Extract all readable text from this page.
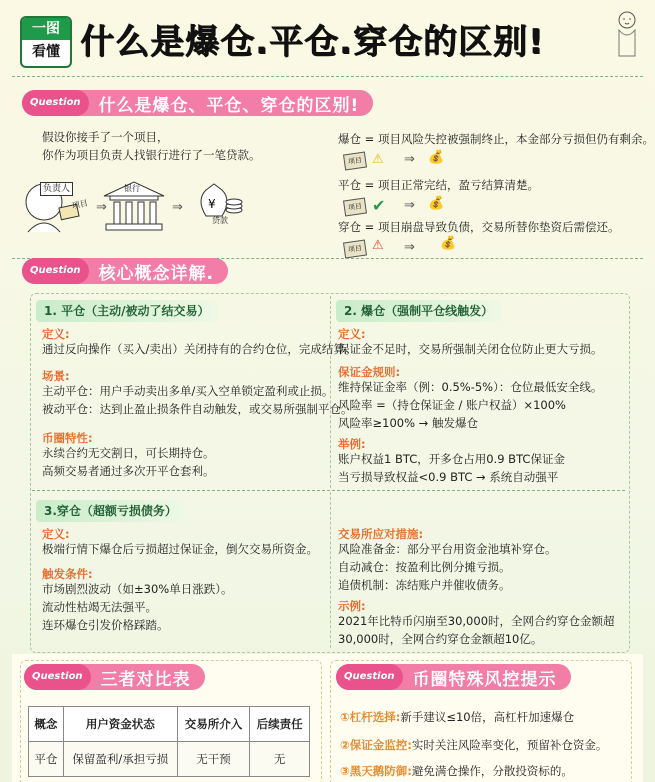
一图
看懂 什么是爆仓.平仓.穿仓的区别!
Question	什么是爆仓、平仓、穿仓的区别!
假设你接手了一个项目，
你作为项目负责人找银行进行了一笔贷款。
负责人
项目 ⇒
银行
⇒ ¥
贷款
爆仓 = 项目风险失控被强制终止，本金部分亏损但仍有剩余。
项目 ⚠ ⇒ 💰
平仓 = 项目正常完结，盈亏结算清楚。
项目 ✔ ⇒ 💰
穿仓 = 项目崩盘导致负债，交易所替你垫资后需偿还。
项目 ⚠ ⇒ 💰
Question	核心概念详解.
1. 平仓（主动/被动了结交易）
定义:
通过反向操作（买入/卖出）关闭持有的合约仓位，完成结算。
场景:
主动平仓：用户手动卖出多单/买入空单锁定盈利或止损。
被动平仓：达到止盈止损条件自动触发，或交易所强制平仓。
币圈特性:
永续合约无交割日，可长期持仓。
高频交易者通过多次开平仓套利。
2. 爆仓（强制平仓线触发）
定义:
保证金不足时，交易所强制关闭仓位防止更大亏损。
保证金规则:
维持保证金率（例：0.5%-5%）：仓位最低安全线。
风险率 =（持仓保证金 / 账户权益）×100%
风险率≥100% → 触发爆仓
举例:
账户权益1 BTC，开多仓占用0.9 BTC保证金
当亏损导致权益<0.9 BTC → 系统自动强平
3.穿仓（超额亏损债务）
定义:
极端行情下爆仓后亏损超过保证金，倒欠交易所资金。
触发条件:
市场剧烈波动（如±30%单日涨跌）。
流动性枯竭无法强平。
连环爆仓引发价格踩踏。
交易所应对措施:
风险准备金：部分平台用资金池填补穿仓。
自动减仓：按盈利比例分摊亏损。
追债机制：冻结账户并催收债务。
示例:
2021年比特币闪崩至30,000时，全网合约穿仓金额超
30,000时，全网合约穿仓金额超10亿。
Question	三者对比表
概念	用户资金状态	交易所介入	后续责任
平仓	保留盈利/承担亏损	无干预	无
Question	币圈特殊风控提示
①杠杆选择:新手建议≤10倍，高杠杆加速爆仓
②保证金监控:实时关注风险率变化，预留补仓资金。
③黑天鹅防御:避免满仓操作，分散投资标的。
